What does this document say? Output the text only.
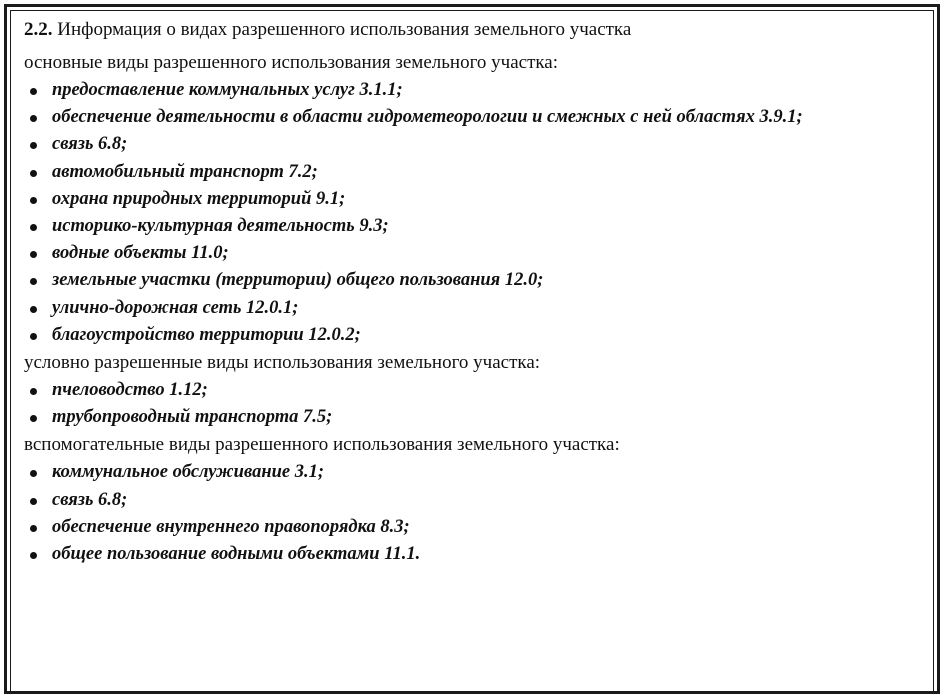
2.2. Информация о видах разрешенного использования земельного участка

основные виды разрешенного использования земельного участка:

предоставление коммунальных услуг 3.1.1;
обеспечение деятельности в области гидрометеорологии и смежных с ней областях 3.9.1;
связь 6.8;
автомобильный транспорт 7.2;
охрана природных территорий 9.1;
историко-культурная деятельность 9.3;
водные объекты 11.0;
земельные участки (территории) общего пользования 12.0;
улично-дорожная сеть 12.0.1;
благоустройство территории 12.0.2;

условно разрешенные виды использования земельного участка:

пчеловодство 1.12;
трубопроводный транспорта 7.5;

вспомогательные виды разрешенного использования земельного участка:

коммунальное обслуживание 3.1;
связь 6.8;
обеспечение внутреннего правопорядка 8.3;
общее пользование водными объектами 11.1.
